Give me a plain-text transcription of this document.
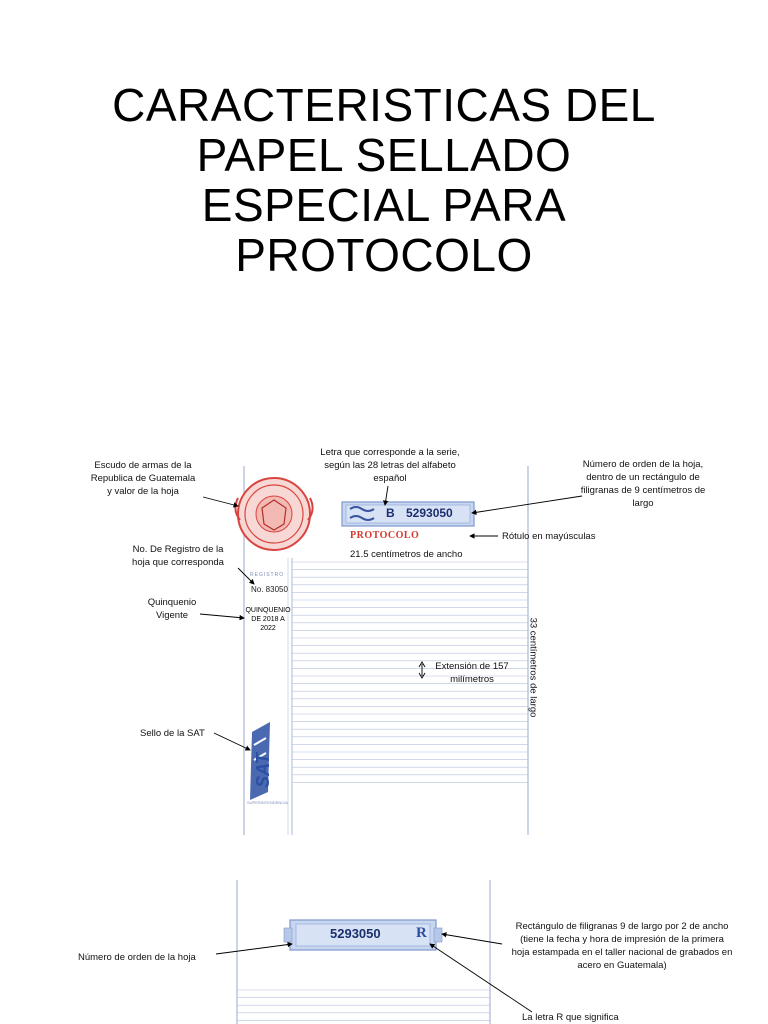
CARACTERISTICAS DEL
PAPEL SELLADO
ESPECIAL PARA
PROTOCOLO
B 5293050
PROTOCOLO
REGISTRO
No. 83050
QUINQUENIO
DE 2018 A
2022
SAT
SUPERINTENDENCIA
Escudo de armas de la
Republica de Guatemala
y valor de la hoja
Letra que corresponde a la serie,
según las 28 letras del alfabeto
español
Número de orden de la hoja,
dentro de un rectángulo de
filigranas de 9 centímetros de
largo
Rótulo en mayúsculas
21.5 centímetros de ancho
No. De Registro de la
hoja que corresponda
Quinquenio
Vigente
Extensión de 157
milímetros	33 centímetros de largo
Sello de la SAT
5293050 R
Número de orden de la hoja
Rectángulo de filigranas 9 de largo por 2 de ancho
(tiene la fecha y hora de impresión de la primera
hoja estampada en el taller nacional de grabados en
acero en Guatemala)
La letra R que significa
